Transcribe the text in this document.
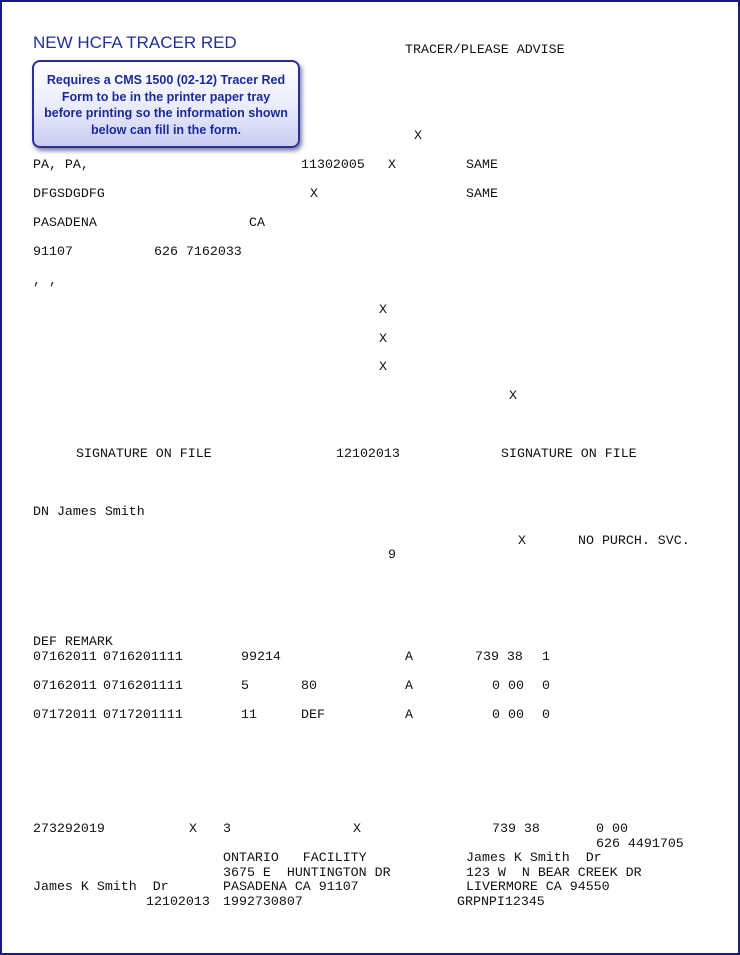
NEW HCFA TRACER RED	TRACER/PLEASE ADVISE
Requires a CMS 1500 (02-12) Tracer Red Form to be in the printer paper tray before printing so the information shown below can fill in the form.	X
PA, PA,	11302005 X	SAME
DFGSDGDFG	X	SAME
PASADENA	CA
91107	626 7162033
, ,
X
X
X
X
SIGNATURE ON FILE	12102013	SIGNATURE ON FILE
DN James Smith
X	NO PURCH. SVC.
9
DEF REMARK
07162011 0716201111	99214	A	739 38 1
07162011 0716201111	5	80	A	0 00 0
07172011 0717201111	11	DEF	A	0 00 0
273292019	X 3	X	739 38	0 00
626 4491705
ONTARIO   FACILITY	James K Smith  Dr
3675 E  HUNTINGTON DR	123 W  N BEAR CREEK DR
James K Smith  Dr	PASADENA CA 91107	LIVERMORE CA 94550
12102013 1992730807	GRPNPI12345
